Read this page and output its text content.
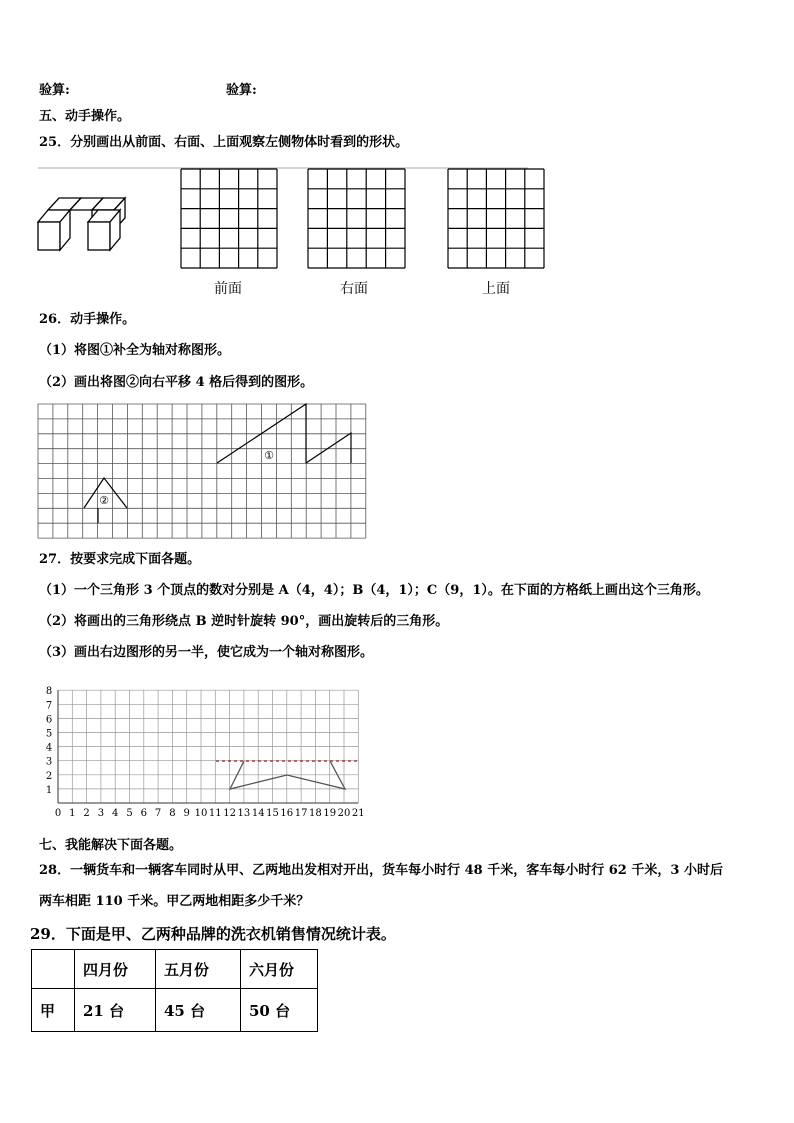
验算:	验算:
五、动手操作。
25．分别画出从前面、右面、上面观察左侧物体时看到的形状。
前面	右面	上面
26．动手操作。
（1）将图①补全为轴对称图形。
（2）画出将图②向右平移 4 格后得到的图形。
27．按要求完成下面各题。
（1）一个三角形 3 个顶点的数对分别是 A（4，4）；B（4，1）；C（9，1）。在下面的方格纸上画出这个三角形。
（2）将画出的三角形绕点 B 逆时针旋转 90°，画出旋转后的三角形。
（3）画出右边图形的另一半，使它成为一个轴对称图形。
七、我能解决下面各题。
28．一辆货车和一辆客车同时从甲、乙两地出发相对开出，货车每小时行 48 千米，客车每小时行 62 千米，3 小时后
两车相距 110 千米。甲乙两地相距多少千米？
29．下面是甲、乙两种品牌的洗衣机销售情况统计表。
①
②
0 1 2 3 4 5 6 7 8 9 10 11 12 13 14 15 16 17 18 19 20 21
1
2
3
4
5
6
7
8
	四月份	五月份	六月份
甲	21 台	45 台	50 台
